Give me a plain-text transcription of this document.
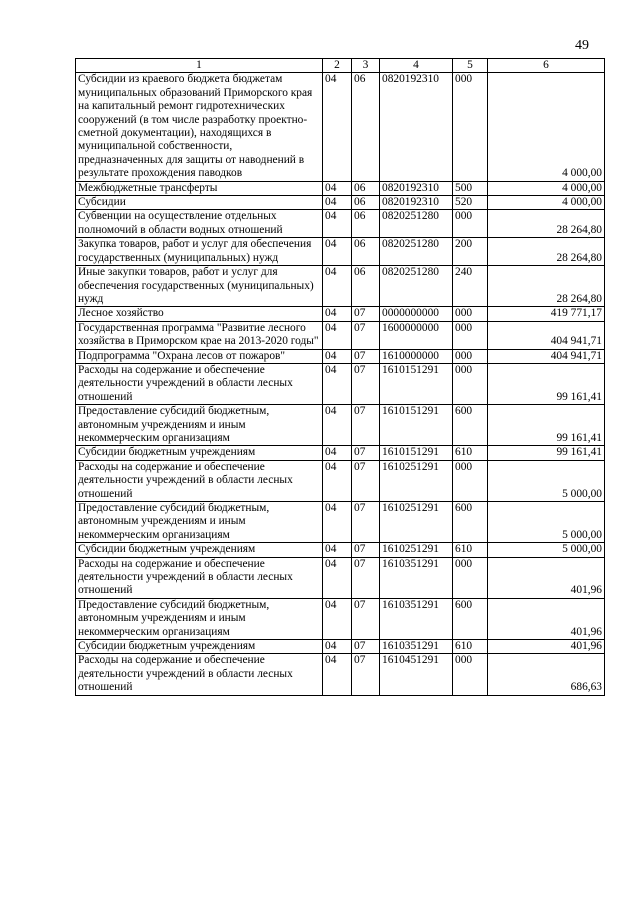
49
1	2	3	4	5	6
Субсидии из краевого бюджета бюджетам муниципальных образований Приморского края на капитальный ремонт гидротехнических сооружений (в том числе разработку проектно-сметной документации), находящихся в муниципальной собственности, предназначенных для защиты от наводнений в результате прохождения паводков	04	06	0820192310	000	4 000,00
Межбюджетные трансферты	04	06	0820192310	500	4 000,00
Субсидии	04	06	0820192310	520	4 000,00
Субвенции на осуществление отдельных полномочий в области водных отношений	04	06	0820251280	000	28 264,80
Закупка товаров, работ и услуг для обеспечения государственных (муниципальных) нужд	04	06	0820251280	200	28 264,80
Иные закупки товаров, работ и услуг для обеспечения государственных (муниципальных) нужд	04	06	0820251280	240	28 264,80
Лесное хозяйство	04	07	0000000000	000	419 771,17
Государственная программа "Развитие лесного хозяйства в Приморском крае на 2013-2020 годы"	04	07	1600000000	000	404 941,71
Подпрограмма "Охрана лесов от пожаров"	04	07	1610000000	000	404 941,71
Расходы на содержание и обеспечение деятельности учреждений в области лесных отношений	04	07	1610151291	000	99 161,41
Предоставление субсидий бюджетным, автономным учреждениям и иным некоммерческим организациям	04	07	1610151291	600	99 161,41
Субсидии бюджетным учреждениям	04	07	1610151291	610	99 161,41
Расходы на содержание и обеспечение деятельности учреждений в области лесных отношений	04	07	1610251291	000	5 000,00
Предоставление субсидий бюджетным, автономным учреждениям и иным некоммерческим организациям	04	07	1610251291	600	5 000,00
Субсидии бюджетным учреждениям	04	07	1610251291	610	5 000,00
Расходы на содержание и обеспечение деятельности учреждений в области лесных отношений	04	07	1610351291	000	401,96
Предоставление субсидий бюджетным, автономным учреждениям и иным некоммерческим организациям	04	07	1610351291	600	401,96
Субсидии бюджетным учреждениям	04	07	1610351291	610	401,96
Расходы на содержание и обеспечение деятельности учреждений в области лесных отношений	04	07	1610451291	000	686,63
